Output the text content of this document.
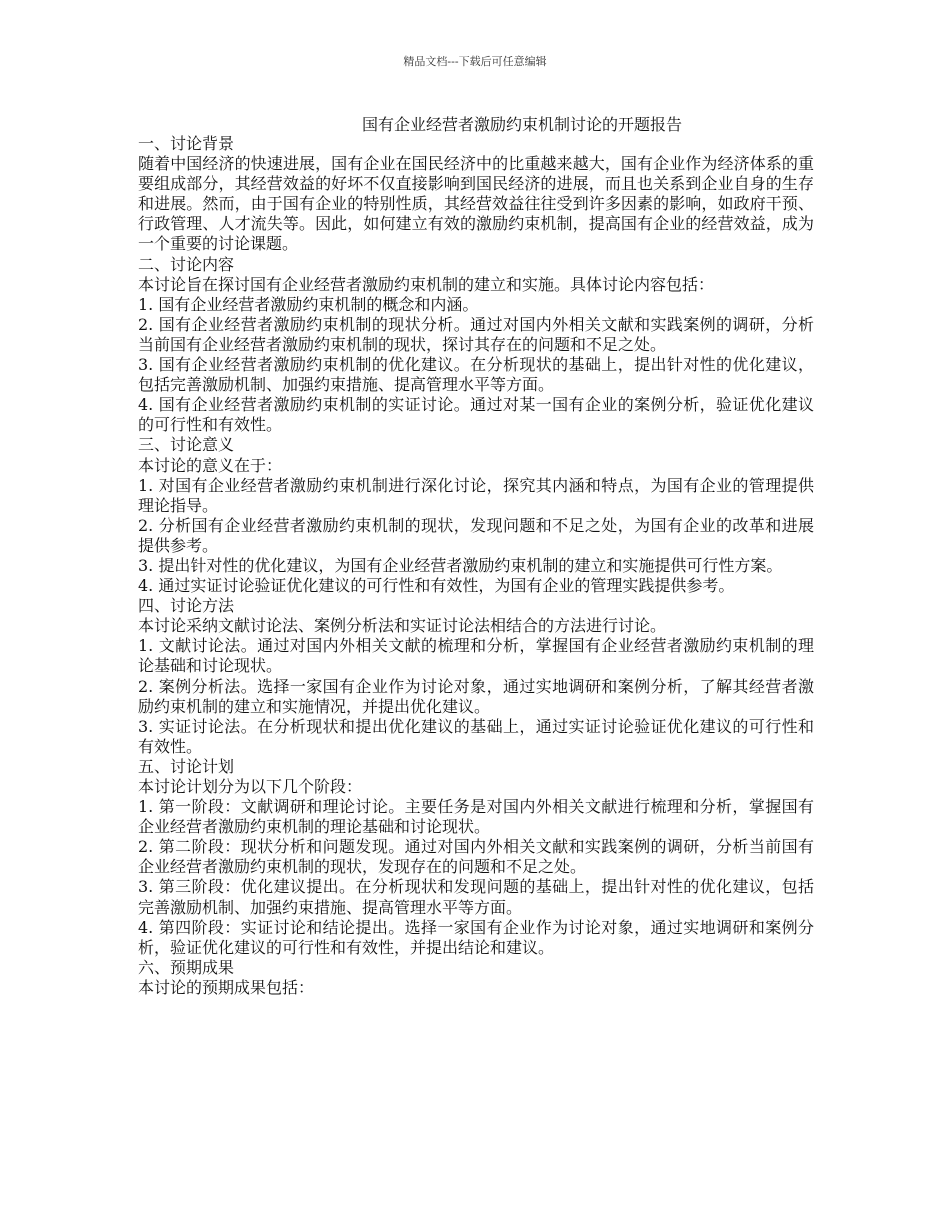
精品文档---下载后可任意编辑
国有企业经营者激励约束机制讨论的开题报告

一、讨论背景

随着中国经济的快速进展，国有企业在国民经济中的比重越来越大，国有企业作为经济体系的重要组成部分，其经营效益的好坏不仅直接影响到国民经济的进展，而且也关系到企业自身的生存和进展。然而，由于国有企业的特别性质，其经营效益往往受到许多因素的影响，如政府干预、行政管理、人才流失等。因此，如何建立有效的激励约束机制，提高国有企业的经营效益，成为一个重要的讨论课题。

二、讨论内容

本讨论旨在探讨国有企业经营者激励约束机制的建立和实施。具体讨论内容包括：

1. 国有企业经营者激励约束机制的概念和内涵。

2. 国有企业经营者激励约束机制的现状分析。通过对国内外相关文献和实践案例的调研，分析当前国有企业经营者激励约束机制的现状，探讨其存在的问题和不足之处。

3. 国有企业经营者激励约束机制的优化建议。在分析现状的基础上，提出针对性的优化建议，包括完善激励机制、加强约束措施、提高管理水平等方面。

4. 国有企业经营者激励约束机制的实证讨论。通过对某一国有企业的案例分析，验证优化建议的可行性和有效性。

三、讨论意义

本讨论的意义在于：

1. 对国有企业经营者激励约束机制进行深化讨论，探究其内涵和特点，为国有企业的管理提供理论指导。

2. 分析国有企业经营者激励约束机制的现状，发现问题和不足之处，为国有企业的改革和进展提供参考。

3. 提出针对性的优化建议，为国有企业经营者激励约束机制的建立和实施提供可行性方案。

4. 通过实证讨论验证优化建议的可行性和有效性，为国有企业的管理实践提供参考。

四、讨论方法

本讨论采纳文献讨论法、案例分析法和实证讨论法相结合的方法进行讨论。

1. 文献讨论法。通过对国内外相关文献的梳理和分析，掌握国有企业经营者激励约束机制的理论基础和讨论现状。

2. 案例分析法。选择一家国有企业作为讨论对象，通过实地调研和案例分析，了解其经营者激励约束机制的建立和实施情况，并提出优化建议。

3. 实证讨论法。在分析现状和提出优化建议的基础上，通过实证讨论验证优化建议的可行性和有效性。

五、讨论计划

本讨论计划分为以下几个阶段：

1. 第一阶段：文献调研和理论讨论。主要任务是对国内外相关文献进行梳理和分析，掌握国有企业经营者激励约束机制的理论基础和讨论现状。

2. 第二阶段：现状分析和问题发现。通过对国内外相关文献和实践案例的调研，分析当前国有企业经营者激励约束机制的现状，发现存在的问题和不足之处。

3. 第三阶段：优化建议提出。在分析现状和发现问题的基础上，提出针对性的优化建议，包括完善激励机制、加强约束措施、提高管理水平等方面。

4. 第四阶段：实证讨论和结论提出。选择一家国有企业作为讨论对象，通过实地调研和案例分析，验证优化建议的可行性和有效性，并提出结论和建议。

六、预期成果

本讨论的预期成果包括：
